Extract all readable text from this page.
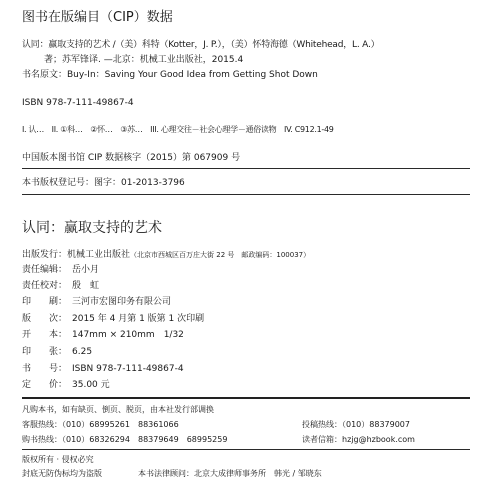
图书在版编目（CIP）数据
认同：赢取支持的艺术 /（美）科特（Kotter，J. P.），（美）怀特海德（Whitehead，L. A.）
著；苏军锋译. —北京：机械工业出版社，2015.4
书名原文：Buy-In：Saving Your Good Idea from Getting Shot Down
ISBN 978-7-111-49867-4
I. 认…　II. ①科…　②怀…　③苏…　III. 心理交往－社会心理学－通俗读物　IV. C912.1-49
中国版本图书馆 CIP 数据核字（2015）第 067909 号
本书版权登记号：图字：01-2013-3796
认同：赢取支持的艺术
出版发行：机械工业出版社（北京市西城区百万庄大街 22 号　邮政编码：100037）
责任编辑： 岳小月
责任校对： 殷　虹
印　　刷： 三河市宏图印务有限公司
版　　次： 2015 年 4 月第 1 版第 1 次印刷
开　　本： 147mm × 210mm　1/32
印　　张： 6.25
书　　号： ISBN 978-7-111-49867-4
定　　价： 35.00 元
凡购本书，如有缺页、倒页、脱页，由本社发行部调换
客服热线：（010）68995261　88361066	投稿热线：（010）88379007
购书热线：（010）68326294　88379649　68995259	读者信箱：hzjg@hzbook.com
版权所有 · 侵权必究
封底无防伪标均为盗版	本书法律顾问：北京大成律师事务所　韩光 / 邹晓东
